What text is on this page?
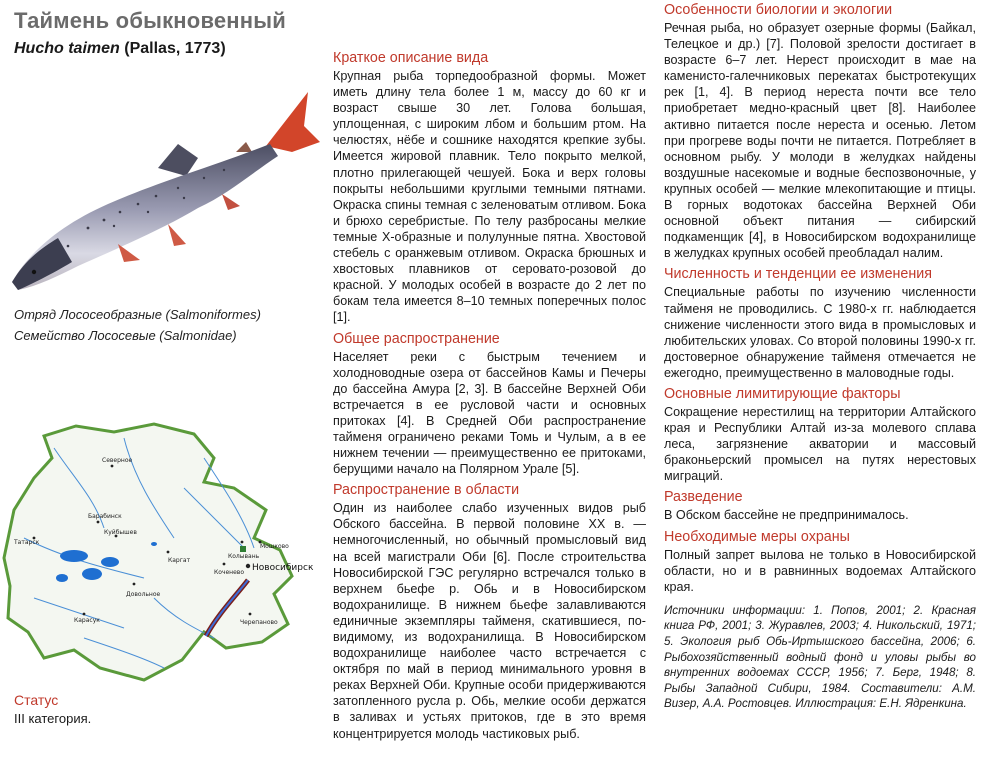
Таймень обыкновенный
Hucho taimen (Pallas, 1773)
Отряд Лососеобразные (Salmoniformes)
Семейство Лососевые (Salmonidae)
Северное
Татарск
Барабинск
Куйбышев
Каргат
Колывань
Мошково
Коченево
Довольное
Карасук	Черепаново
Новосибирск
Статус
III категория.
Краткое описание вида

Крупная рыба торпедообразной формы. Может иметь длину тела более 1 м, массу до 60 кг и возраст свыше 30 лет. Голова большая, уплощенная, с широким лбом и большим ртом. На челюстях, нёбе и сошнике находятся крепкие зубы. Имеется жировой плавник. Тело покрыто мелкой, плотно прилегающей чешуей. Бока и верх головы покрыты небольшими круглыми темными пятнами. Окраска спины темная с зеленоватым отливом. Бока и брюхо серебристые. По телу разбросаны мелкие темные Х-образные и полулунные пятна. Хвостовой стебель с оранжевым отливом. Окраска брюшных и хвостовых плавников от серовато-розовой до красной. У молодых особей в возрасте до 2 лет по бокам тела имеется 8–10 темных поперечных полос [1].

Общее распространение

Населяет реки с быстрым течением и холодноводные озера от бассейнов Камы и Печеры до бассейна Амура [2, 3]. В бассейне Верхней Оби встречается в ее русловой части и основных притоках [4]. В Средней Оби распространение тайменя ограничено реками Томь и Чулым, а в ее нижнем течении — преимущественно ее притоками, берущими начало на Полярном Урале [5].

Распространение в области

Один из наиболее слабо изученных видов рыб Обского бассейна. В первой половине XX в. — немногочисленный, но обычный промысловый вид на всей магистрали Оби [6]. После строительства Новосибирской ГЭС регулярно встречался только в верхнем бьефе р. Обь и в Новосибирском водохранилище. В нижнем бьефе залавливаются единичные экземпляры тайменя, скатившиеся, по-видимому, из водохранилища. В Новосибирском водохранилище наиболее часто встречается с октября по май в период минимального уровня в реках Верхней Оби. Крупные особи придерживаются затопленного русла р. Обь, мелкие особи держатся в заливах и устьях притоков, где в это время концентрируется молодь частиковых рыб.

Особенности биологии и экологии

Речная рыба, но образует озерные формы (Байкал, Телецкое и др.) [7]. Половой зрелости достигает в возрасте 6–7 лет. Нерест происходит в мае на каменисто-галечниковых перекатах быстротекущих рек [1, 4]. В период нереста почти все тело приобретает медно-красный цвет [8]. Наиболее активно питается после нереста и осенью. Летом при прогреве воды почти не питается. Потребляет в основном рыбу. У молоди в желудках найдены воздушные насекомые и водные беспозвоночные, у крупных особей — мелкие млекопитающие и птицы. В горных водотоках бассейна Верхней Оби основной объект питания — сибирский подкаменщик [4], в Новосибирском водохранилище в желудках крупных особей преобладал налим.

Численность и тенденции ее изменения

Специальные работы по изучению численности тайменя не проводились. С 1980-х гг. наблюдается снижение численности этого вида в промысловых и любительских уловах. Со второй половины 1990-х гг. достоверное обнаружение тайменя отмечается не ежегодно, преимущественно в маловодные годы.

Основные лимитирующие факторы

Сокращение нерестилищ на территории Алтайского края и Республики Алтай из-за молевого сплава леса, загрязнение акватории и массовый браконьерский промысел на путях нерестовых миграций.

Разведение

В Обском бассейне не предпринималось.

Необходимые меры охраны

Полный запрет вылова не только в Новосибирской области, но и в равнинных водоемах Алтайского края.

Источники информации: 1. Попов, 2001; 2. Красная книга РФ, 2001; 3. Журавлев, 2003; 4. Никольский, 1971; 5. Экология рыб Обь-Иртышского бассейна, 2006; 6. Рыбохозяйственный водный фонд и уловы рыбы во внутренних водоемах СССР, 1956; 7. Берг, 1948; 8. Рыбы Западной Сибири, 1984. Составители: А.М. Визер, А.А. Ростовцев. Иллюстрация: Е.Н. Ядренкина.
